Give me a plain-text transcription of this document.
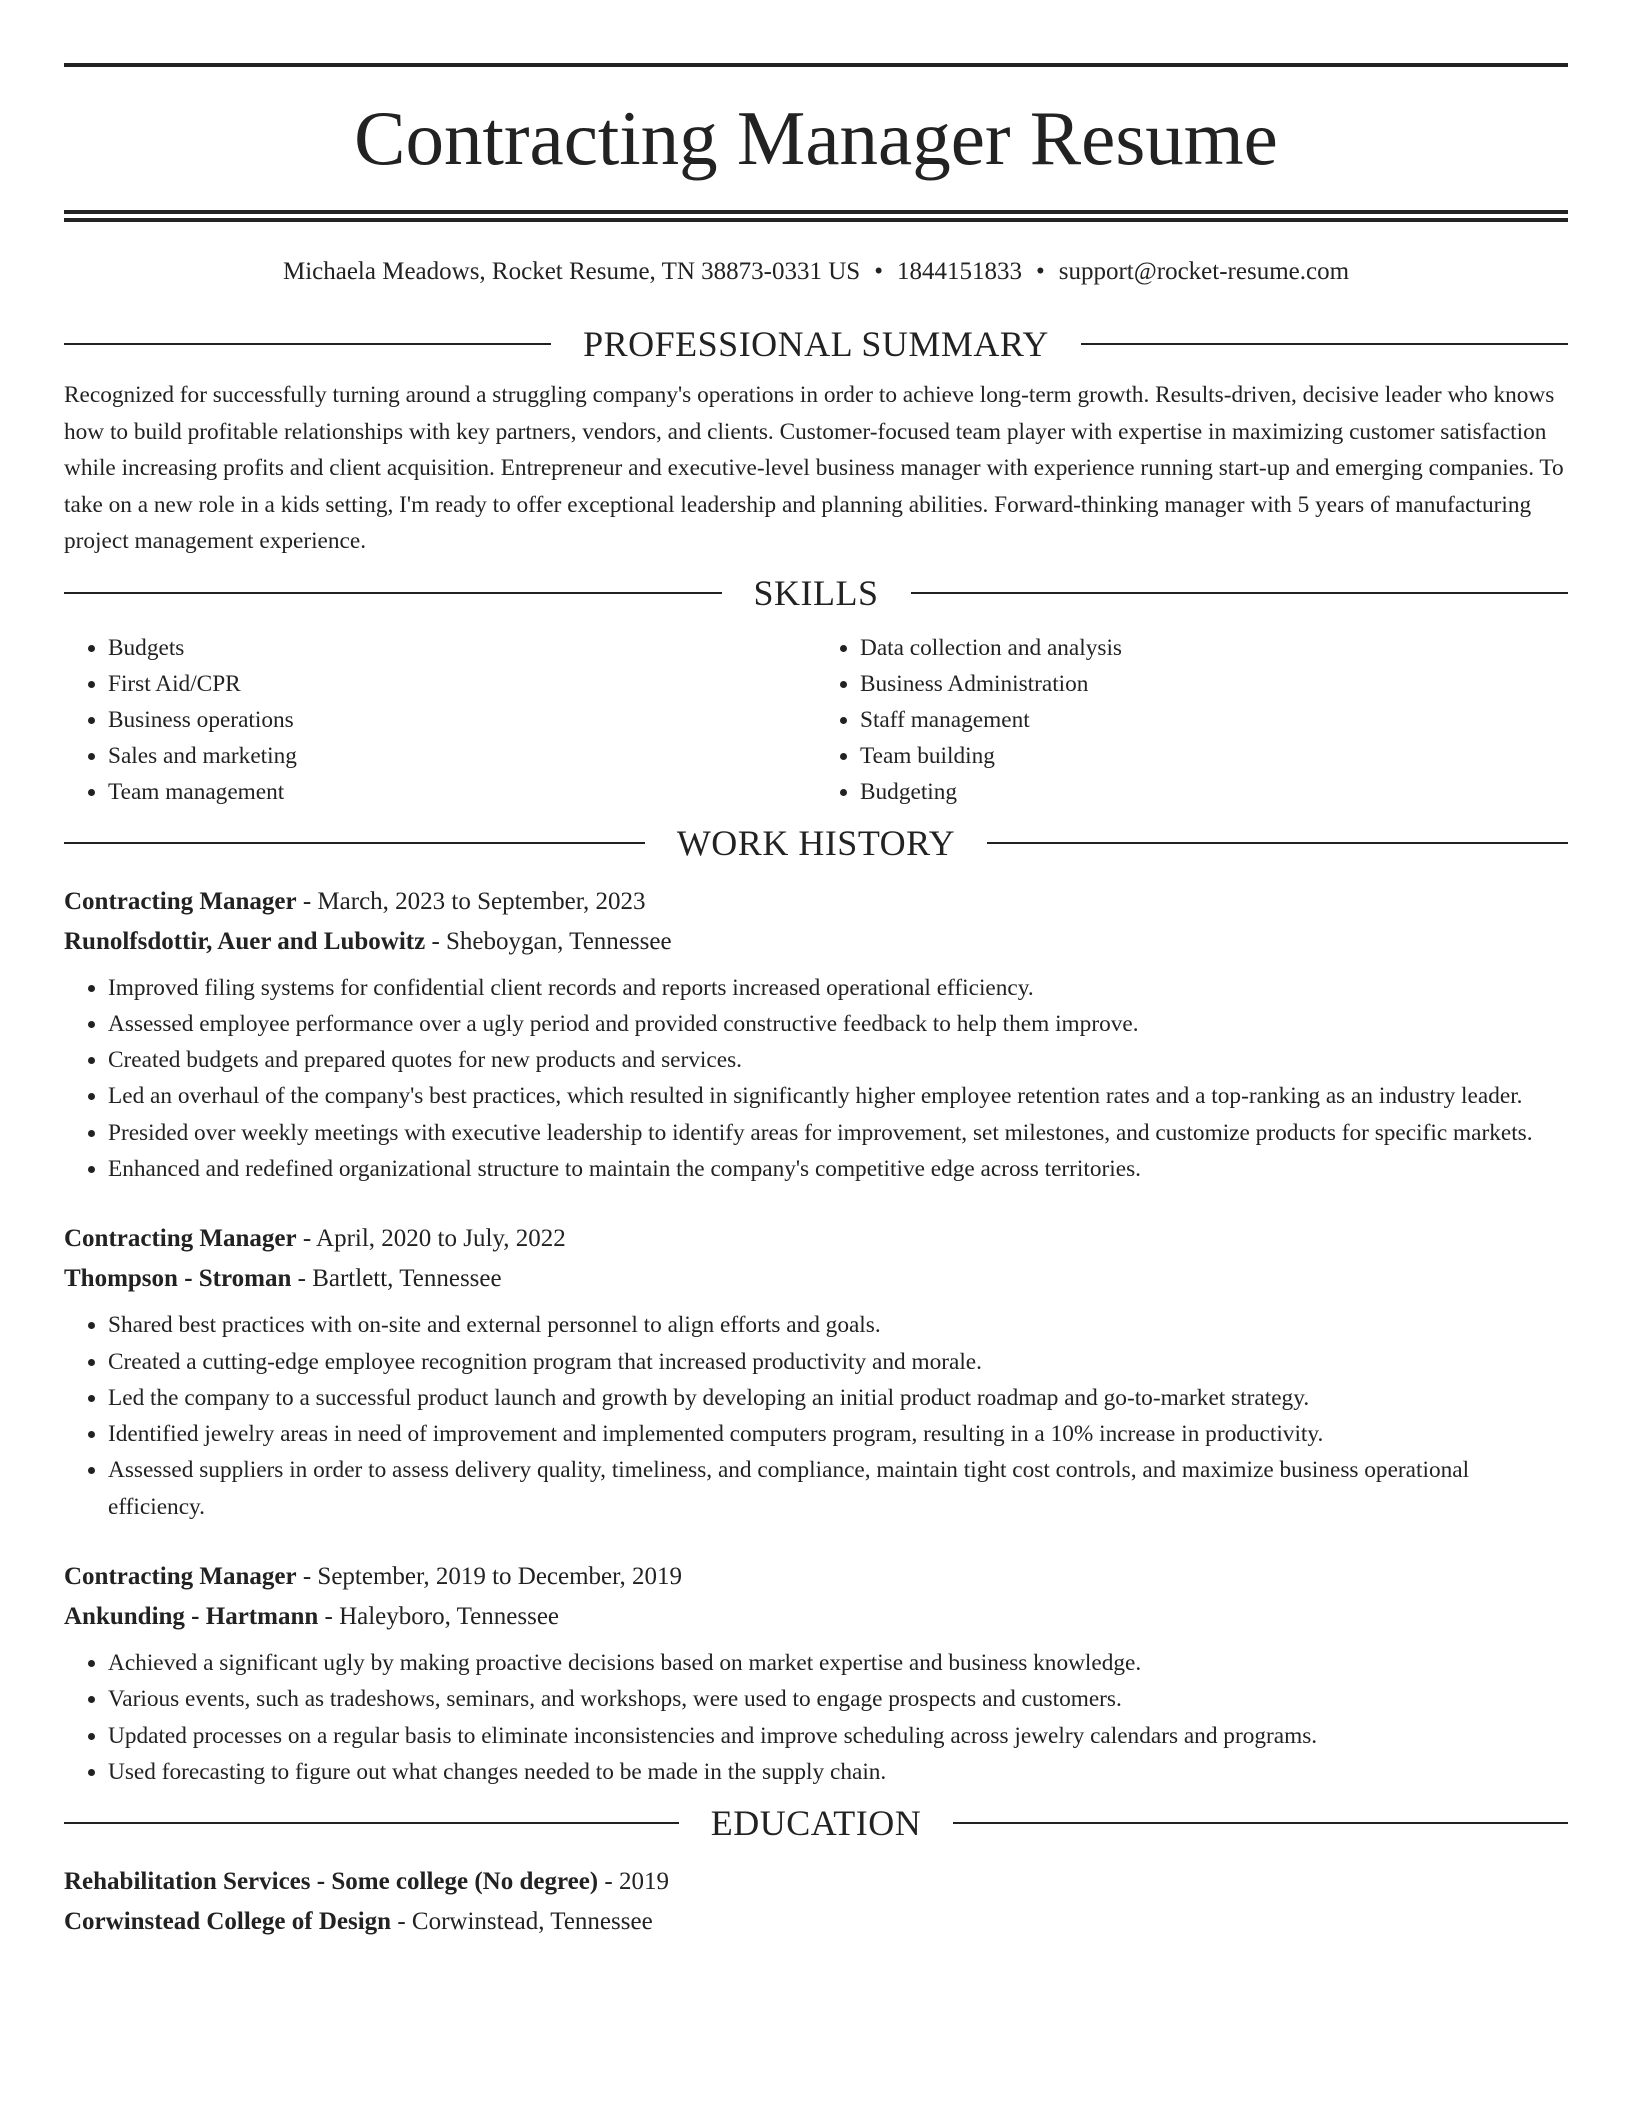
Contracting Manager Resume
Michaela Meadows, Rocket Resume, TN 38873-0331 US • 1844151833 • support@rocket-resume.com
PROFESSIONAL SUMMARY
Recognized for successfully turning around a struggling company's operations in order to achieve long-term growth. Results-driven, decisive leader who knows how to build profitable relationships with key partners, vendors, and clients. Customer-focused team player with expertise in maximizing customer satisfaction while increasing profits and client acquisition. Entrepreneur and executive-level business manager with experience running start-up and emerging companies. To take on a new role in a kids setting, I'm ready to offer exceptional leadership and planning abilities. Forward-thinking manager with 5 years of manufacturing project management experience.
SKILLS
• Budgets
• First Aid/CPR
• Business operations
• Sales and marketing
• Team management
• Data collection and analysis
• Business Administration
• Staff management
• Team building
• Budgeting
WORK HISTORY
Contracting Manager - March, 2023 to September, 2023
Runolfsdottir, Auer and Lubowitz - Sheboygan, Tennessee
• Improved filing systems for confidential client records and reports increased operational efficiency.
• Assessed employee performance over a ugly period and provided constructive feedback to help them improve.
• Created budgets and prepared quotes for new products and services.
• Led an overhaul of the company's best practices, which resulted in significantly higher employee retention rates and a top-ranking as an industry leader.
• Presided over weekly meetings with executive leadership to identify areas for improvement, set milestones, and customize products for specific markets.
• Enhanced and redefined organizational structure to maintain the company's competitive edge across territories.
Contracting Manager - April, 2020 to July, 2022
Thompson - Stroman - Bartlett, Tennessee
• Shared best practices with on-site and external personnel to align efforts and goals.
• Created a cutting-edge employee recognition program that increased productivity and morale.
• Led the company to a successful product launch and growth by developing an initial product roadmap and go-to-market strategy.
• Identified jewelry areas in need of improvement and implemented computers program, resulting in a 10% increase in productivity.
• Assessed suppliers in order to assess delivery quality, timeliness, and compliance, maintain tight cost controls, and maximize business operational efficiency.
Contracting Manager - September, 2019 to December, 2019
Ankunding - Hartmann - Haleyboro, Tennessee
• Achieved a significant ugly by making proactive decisions based on market expertise and business knowledge.
• Various events, such as tradeshows, seminars, and workshops, were used to engage prospects and customers.
• Updated processes on a regular basis to eliminate inconsistencies and improve scheduling across jewelry calendars and programs.
• Used forecasting to figure out what changes needed to be made in the supply chain.
EDUCATION
Rehabilitation Services - Some college (No degree) - 2019
Corwinstead College of Design - Corwinstead, Tennessee
